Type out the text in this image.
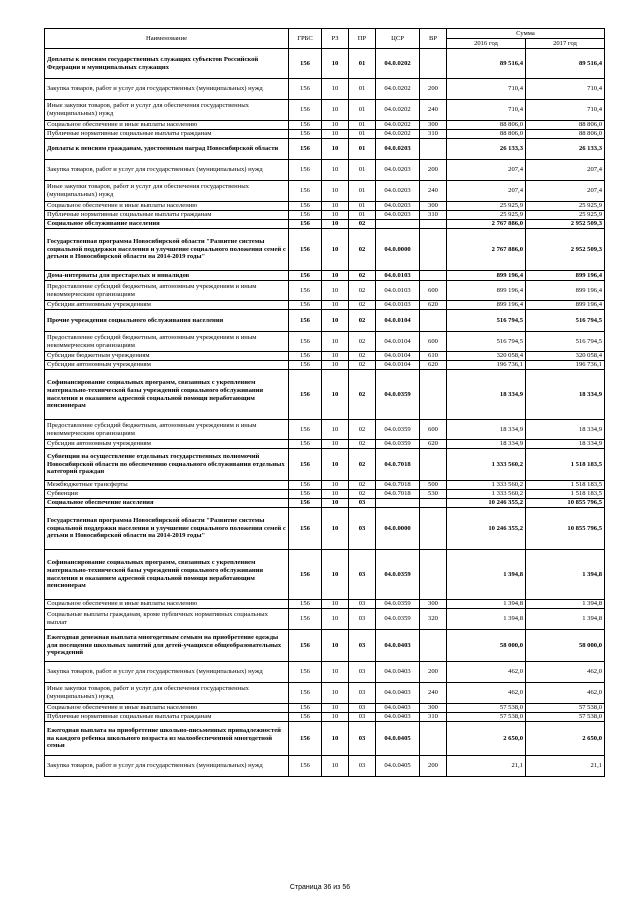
Наименование	ГРБС	РЗ	ПР	ЦСР	ВР	Сумма	
						2016 год	2017 год
Доплаты к пенсиям государственных служащих субъектов Российской Федерации и муниципальных служащих	156	10	01	04.0.0202		89 516,4	89 516,4
Закупка товаров, работ и услуг для государственных (муниципальных) нужд	156	10	01	04.0.0202	200	710,4	710,4
Иные закупки товаров, работ и услуг для обеспечения государственных (муниципальных) нужд	156	10	01	04.0.0202	240	710,4	710,4
Социальное обеспечение и иные выплаты населению	156	10	01	04.0.0202	300	88 806,0	88 806,0
Публичные нормативные социальные выплаты гражданам	156	10	01	04.0.0202	310	88 806,0	88 806,0
Доплаты к пенсиям гражданам, удостоенным наград Новосибирской области	156	10	01	04.0.0203		26 133,3	26 133,3
Закупка товаров, работ и услуг для государственных (муниципальных) нужд	156	10	01	04.0.0203	200	207,4	207,4
Иные закупки товаров, работ и услуг для обеспечения государственных (муниципальных) нужд	156	10	01	04.0.0203	240	207,4	207,4
Социальное обеспечение и иные выплаты населению	156	10	01	04.0.0203	300	25 925,9	25 925,9
Публичные нормативные социальные выплаты гражданам	156	10	01	04.0.0203	310	25 925,9	25 925,9
Социальное обслуживание населения	156	10	02			2 767 886,0	2 952 509,3
Государственная программа Новосибирской области "Развитие системы социальной поддержки населения и улучшение социального положения семей с детьми в Новосибирской области на 2014-2019 годы"	156	10	02	04.0.0000		2 767 886,0	2 952 509,3
Дома-интернаты для престарелых и инвалидов	156	10	02	04.0.0103		899 196,4	899 196,4
Предоставление субсидий бюджетным, автономным учреждениям и иным некоммерческим организациям	156	10	02	04.0.0103	600	899 196,4	899 196,4
Субсидии автономным учреждениям	156	10	02	04.0.0103	620	899 196,4	899 196,4
Прочие учреждения социального обслуживания населения	156	10	02	04.0.0104		516 794,5	516 794,5
Предоставление субсидий бюджетным, автономным учреждениям и иным некоммерческим организациям	156	10	02	04.0.0104	600	516 794,5	516 794,5
Субсидии бюджетным учреждениям	156	10	02	04.0.0104	610	320 058,4	320 058,4
Субсидии автономным учреждениям	156	10	02	04.0.0104	620	196 736,1	196 736,1
Софинансирование социальных программ, связанных с укреплением материально-технической базы учреждений социального обслуживания населения и оказанием адресной социальной помощи неработающим пенсионерам	156	10	02	04.0.0359		18 334,9	18 334,9
Предоставление субсидий бюджетным, автономным учреждениям и иным некоммерческим организациям	156	10	02	04.0.0359	600	18 334,9	18 334,9
Субсидии автономным учреждениям	156	10	02	04.0.0359	620	18 334,9	18 334,9
Субвенции на осуществление отдельных государственных полномочий Новосибирской области по обеспечению социального обслуживания отдельных категорий граждан	156	10	02	04.0.7018		1 333 560,2	1 518 183,5
Межбюджетные трансферты	156	10	02	04.0.7018	500	1 333 560,2	1 518 183,5
Субвенции	156	10	02	04.0.7018	530	1 333 560,2	1 518 183,5
Социальное обеспечение населения	156	10	03			10 246 355,2	10 855 796,5
Государственная программа Новосибирской области "Развитие системы социальной поддержки населения и улучшение социального положения семей с детьми в Новосибирской области на 2014-2019 годы"	156	10	03	04.0.0000		10 246 355,2	10 855 796,5
Софинансирование социальных программ, связанных с укреплением материально-технической базы учреждений социального обслуживания населения и оказанием адресной социальной помощи неработающим пенсионерам	156	10	03	04.0.0359		1 394,8	1 394,8
Социальное обеспечение и иные выплаты населению	156	10	03	04.0.0359	300	1 394,8	1 394,8
Социальные выплаты гражданам, кроме публичных нормативных социальных выплат	156	10	03	04.0.0359	320	1 394,8	1 394,8
Ежегодная денежная выплата многодетным семьям на приобретение одежды для посещения школьных занятий для детей-учащихся общеобразовательных учреждений	156	10	03	04.0.0403		58 000,0	58 000,0
Закупка товаров, работ и услуг для государственных (муниципальных) нужд	156	10	03	04.0.0403	200	462,0	462,0
Иные закупки товаров, работ и услуг для обеспечения государственных (муниципальных) нужд	156	10	03	04.0.0403	240	462,0	462,0
Социальное обеспечение и иные выплаты населению	156	10	03	04.0.0403	300	57 538,0	57 538,0
Публичные нормативные социальные выплаты гражданам	156	10	03	04.0.0403	310	57 538,0	57 538,0
Ежегодная выплата на приобретение школьно-письменных принадлежностей на каждого ребенка школьного возраста из малообеспеченной многодетной семьи	156	10	03	04.0.0405		2 650,0	2 650,0
Закупка товаров, работ и услуг для государственных (муниципальных) нужд	156	10	03	04.0.0405	200	21,1	21,1
Страница 36 из 56
